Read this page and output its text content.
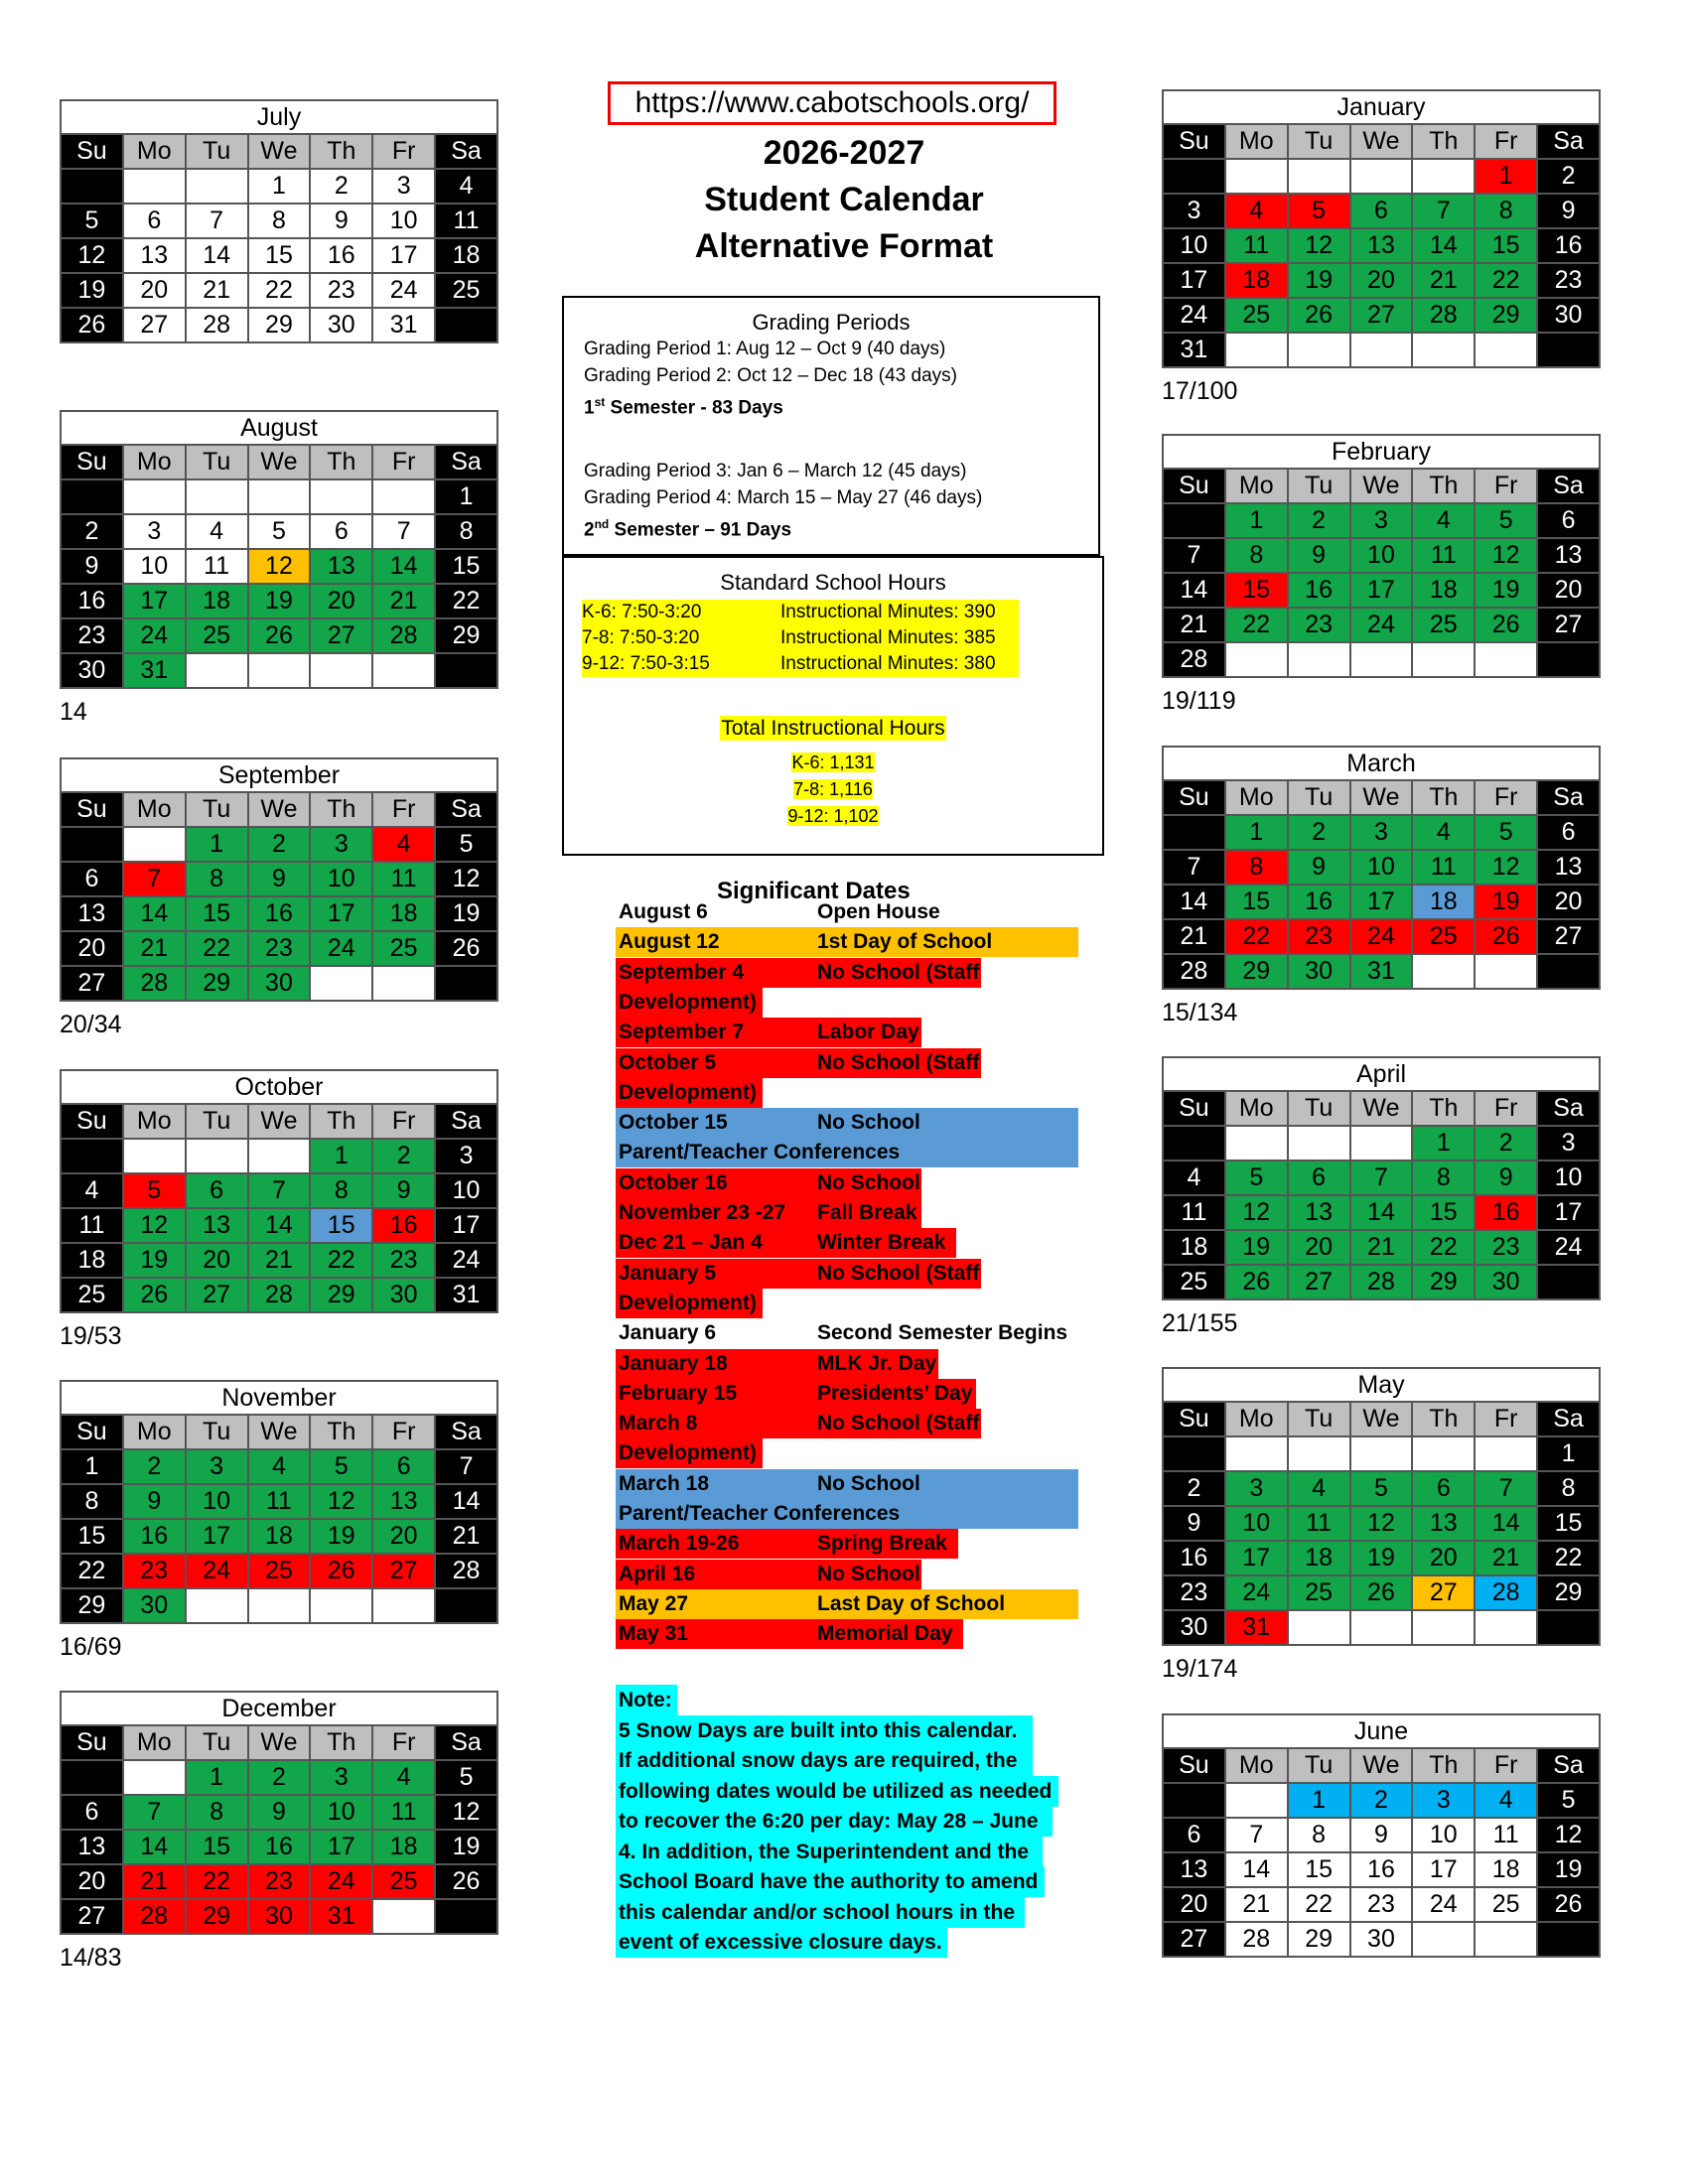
https://www.cabotschools.org/
2026-2027
Student Calendar
Alternative Format
Grading Periods
Grading Period 1: Aug 12 – Oct 9 (40 days)
Grading Period 2: Oct 12 – Dec 18 (43 days)
1st Semester - 83 Days
Grading Period 3: Jan 6 – March 12 (45 days)
Grading Period 4: March 15 – May 27 (46 days)
2nd Semester – 91 Days
Standard School Hours
K-6: 7:50-3:20	Instructional Minutes: 390
7-8: 7:50-3:20	Instructional Minutes: 385
9-12: 7:50-3:15	Instructional Minutes: 380
Total Instructional Hours
K-6: 1,131
7-8: 1,116
9-12: 1,102
Significant Dates
August 6	Open House
August 12	1st Day of School
September 4	No School (Staff
Development)
September 7	Labor Day
October 5	No School (Staff
Development)
October 15	No School
Parent/Teacher Conferences
October 16	No School
November 23 -27 Fall Break
Dec 21 – Jan 4	Winter Break
January 5	No School (Staff
Development)
January 6	Second Semester Begins
January 18	MLK Jr. Day
February 15	Presidents’ Day
March 8	No School (Staff
Development)
March 18	No School
Parent/Teacher Conferences
March 19-26	Spring Break
April 16	No School
May 27	Last Day of School
May 31	Memorial Day
Note:
5 Snow Days are built into this calendar.
If additional snow days are required, the
following dates would be utilized as needed
to recover the 6:20 per day: May 28 – June
4. In addition, the Superintendent and the
School Board have the authority to amend
this calendar and/or school hours in the
event of excessive closure days.
July						
Su	Mo	Tu	We	Th	Fr	Sa
			1	2	3	4
5	6	7	8	9	10	11
12	13	14	15	16	17	18
19	20	21	22	23	24	25
26	27	28	29	30	31	
August						
Su	Mo	Tu	We	Th	Fr	Sa
						1
2	3	4	5	6	7	8
9	10	11	12	13	14	15
16	17	18	19	20	21	22
23	24	25	26	27	28	29
30	31					
14
September						
Su	Mo	Tu	We	Th	Fr	Sa
		1	2	3	4	5
6	7	8	9	10	11	12
13	14	15	16	17	18	19
20	21	22	23	24	25	26
27	28	29	30			
20/34
October						
Su	Mo	Tu	We	Th	Fr	Sa
				1	2	3
4	5	6	7	8	9	10
11	12	13	14	15	16	17
18	19	20	21	22	23	24
25	26	27	28	29	30	31
19/53
November						
Su	Mo	Tu	We	Th	Fr	Sa
1	2	3	4	5	6	7
8	9	10	11	12	13	14
15	16	17	18	19	20	21
22	23	24	25	26	27	28
29	30					
16/69
December						
Su	Mo	Tu	We	Th	Fr	Sa
		1	2	3	4	5
6	7	8	9	10	11	12
13	14	15	16	17	18	19
20	21	22	23	24	25	26
27	28	29	30	31		
14/83
January						
Su	Mo	Tu	We	Th	Fr	Sa
					1	2
3	4	5	6	7	8	9
10	11	12	13	14	15	16
17	18	19	20	21	22	23
24	25	26	27	28	29	30
31						
17/100
February						
Su	Mo	Tu	We	Th	Fr	Sa
	1	2	3	4	5	6
7	8	9	10	11	12	13
14	15	16	17	18	19	20
21	22	23	24	25	26	27
28						
19/119
March						
Su	Mo	Tu	We	Th	Fr	Sa
	1	2	3	4	5	6
7	8	9	10	11	12	13
14	15	16	17	18	19	20
21	22	23	24	25	26	27
28	29	30	31			
15/134
April						
Su	Mo	Tu	We	Th	Fr	Sa
				1	2	3
4	5	6	7	8	9	10
11	12	13	14	15	16	17
18	19	20	21	22	23	24
25	26	27	28	29	30	
21/155
May						
Su	Mo	Tu	We	Th	Fr	Sa
						1
2	3	4	5	6	7	8
9	10	11	12	13	14	15
16	17	18	19	20	21	22
23	24	25	26	27	28	29
30	31					
19/174
June						
Su	Mo	Tu	We	Th	Fr	Sa
		1	2	3	4	5
6	7	8	9	10	11	12
13	14	15	16	17	18	19
20	21	22	23	24	25	26
27	28	29	30			
